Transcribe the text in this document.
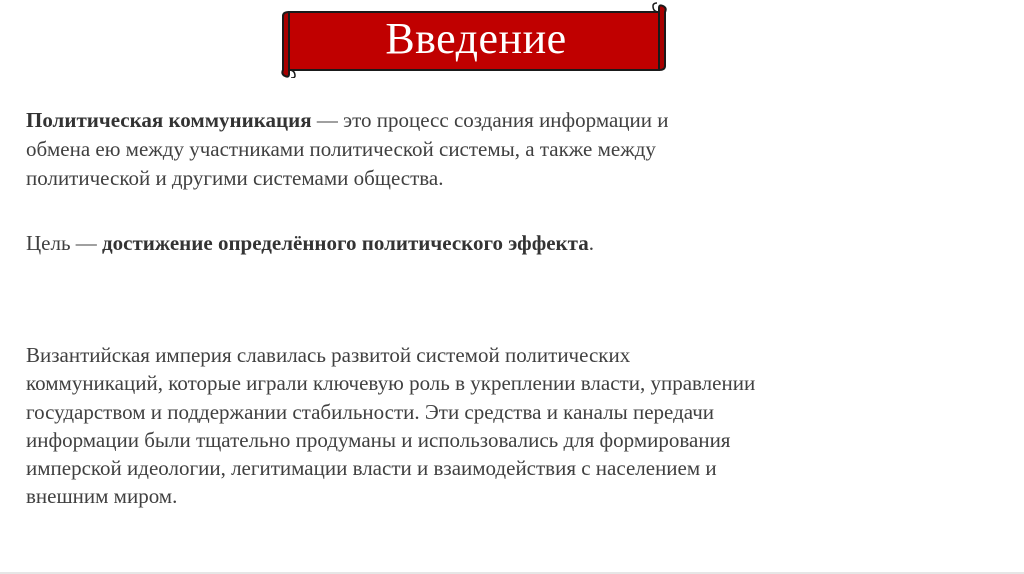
Введение
Политическая коммуникация — это процесс создания информации и обмена ею между участниками политической системы, а также между политической и другими системами общества.
Цель — достижение определённого политического эффекта.
Византийская империя славилась развитой системой политических коммуникаций, которые играли ключевую роль в укреплении власти, управлении государством и поддержании стабильности. Эти средства и каналы передачи информации были тщательно продуманы и использовались для формирования имперской идеологии, легитимации власти и взаимодействия с населением и внешним миром.
